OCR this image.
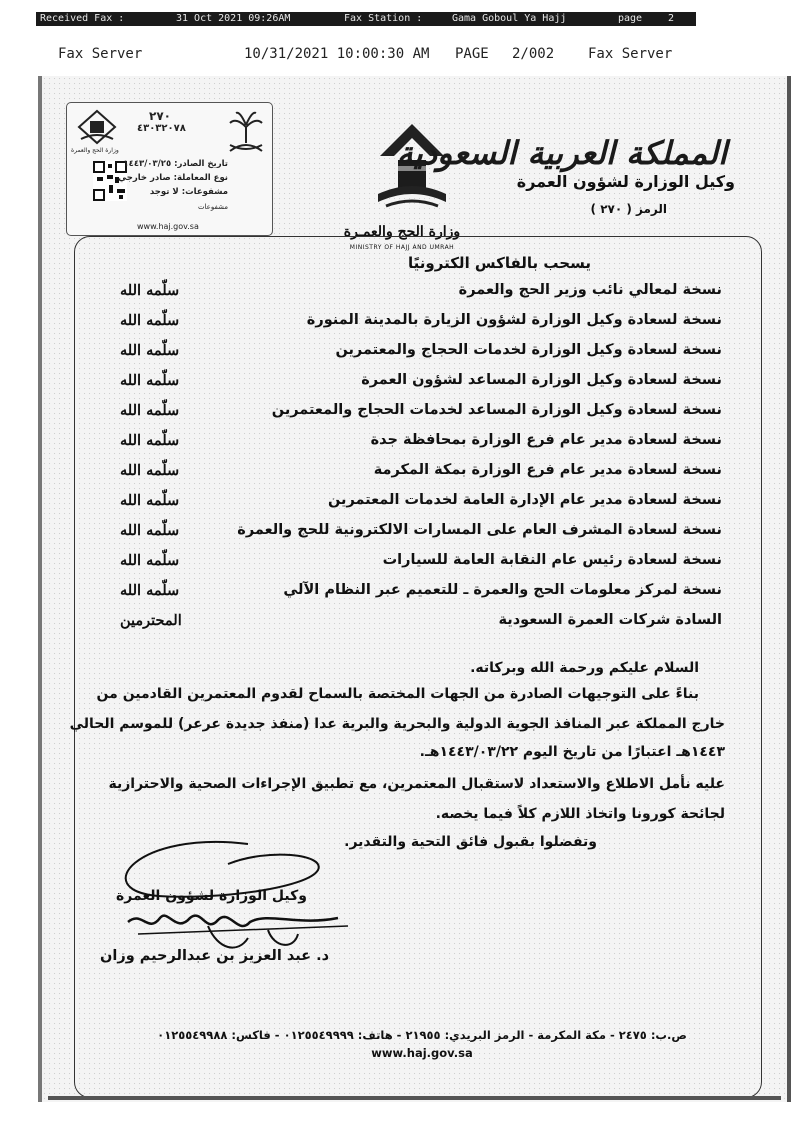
Received Fax :	31 Oct 2021 09:26AM	Fax Station :	Gama Goboul Ya Hajj	page	2
Fax Server	10/31/2021 10:00:30 AM PAGE 2/002 Fax Server
وزارة الحج والعمرة
٢٧٠
٤٣٠٣٢٠٧٨
تاريخ الصادر: ١٤٤٣/٠٣/٢٥
نوع المعاملة: صادر خارجي
مشفوعات: لا توجد
مشفوعات
www.haj.gov.sa	وزارة الحج والعمـرة
MINISTRY OF HAJJ AND UMRAH
المملكة العربية السعودية
وكيل الوزارة لشؤون العمرة
الرمز ( ٢٧٠ )
يسحب بالفاكس الكترونيًا
نسخة لمعالي نائب وزير الحج والعمرة
سلّمه الله
نسخة لسعادة وكيل الوزارة لشؤون الزيارة بالمدينة المنورة
سلّمه الله
نسخة لسعادة وكيل الوزارة لخدمات الحجاج والمعتمرين
سلّمه الله
نسخة لسعادة وكيل الوزارة المساعد لشؤون العمرة
سلّمه الله
نسخة لسعادة وكيل الوزارة المساعد لخدمات الحجاج والمعتمرين
سلّمه الله
نسخة لسعادة مدير عام فرع الوزارة بمحافظة جدة
سلّمه الله
نسخة لسعادة مدير عام فرع الوزارة بمكة المكرمة
سلّمه الله
نسخة لسعادة مدير عام الإدارة العامة لخدمات المعتمرين
سلّمه الله
نسخة لسعادة المشرف العام على المسارات الالكترونية للحج والعمرة
سلّمه الله
نسخة لسعادة رئيس عام النقابة العامة للسيارات
سلّمه الله
نسخة لمركز معلومات الحج والعمرة ـ للتعميم عبر النظام الآلي
سلّمه الله
السادة شركات العمرة السعودية
المحترمين
السلام عليكم ورحمة الله وبركاته.
بناءً على التوجيهات الصادرة من الجهات المختصة بالسماح لقدوم المعتمرين القادمين من
خارج المملكة عبر المنافذ الجوية الدولية والبحرية والبرية عدا (منفذ جديدة عرعر) للموسم الحالي
١٤٤٣هـ اعتبارًا من تاريخ اليوم ١٤٤٣/٠٣/٢٢هـ.
عليه نأمل الاطلاع والاستعداد لاستقبال المعتمرين، مع تطبيق الإجراءات الصحية والاحترازية
لجائحة كورونا واتخاذ اللازم كلاً فيما يخصه.
وتفضلوا بقبول فائق التحية والتقدير.
وكيل الوزارة لشؤون العمرة
د. عبد العزيز بن عبدالرحيم وزان
ص.ب: ٢٤٧٥ - مكة المكرمة - الرمز البريدي: ٢١٩٥٥ - هاتف: ٠١٢٥٥٤٩٩٩٩ - فاكس: ٠١٢٥٥٤٩٩٨٨
www.haj.gov.sa
